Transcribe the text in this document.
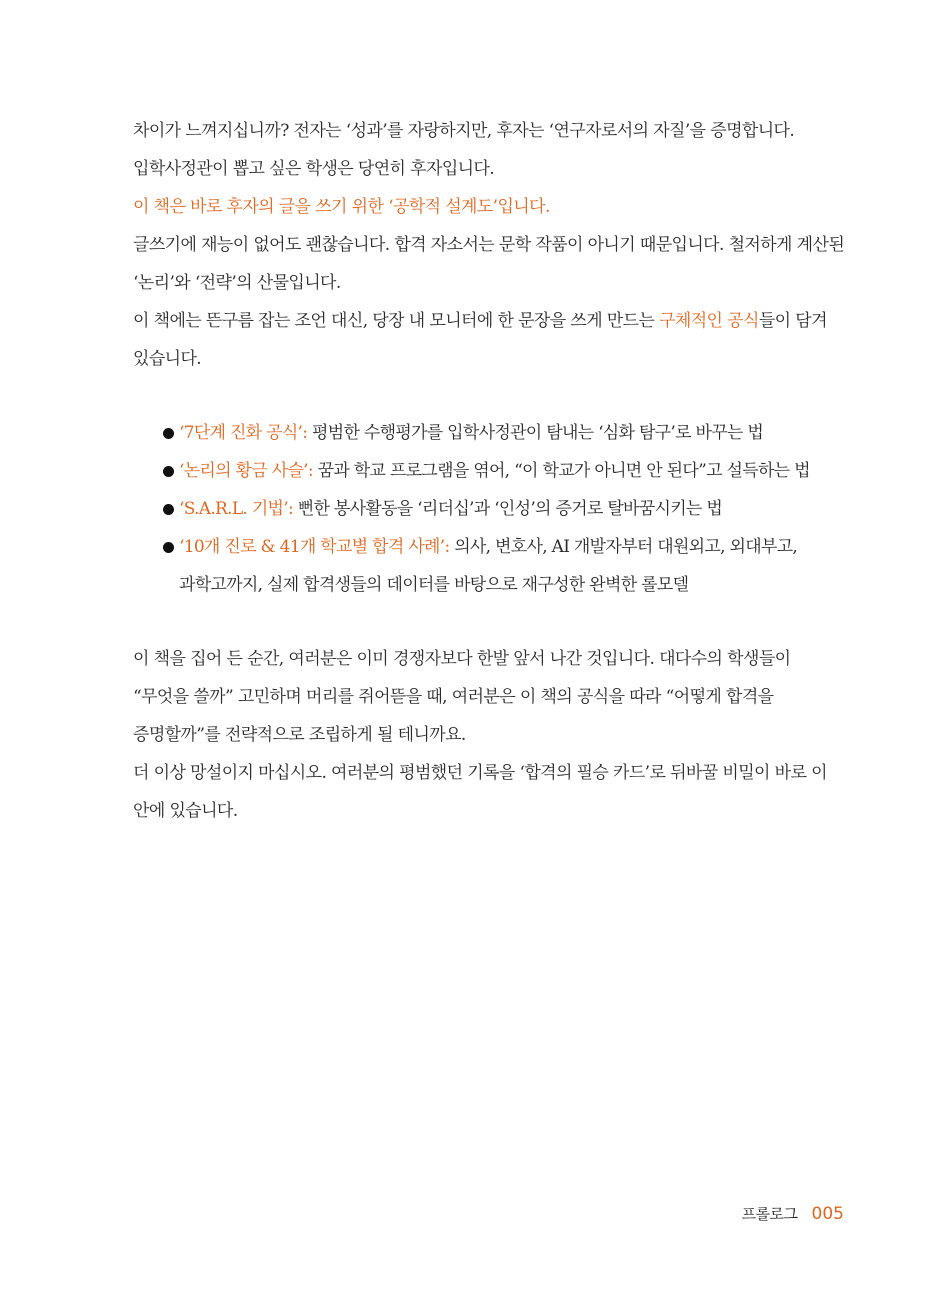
차이가 느껴지십니까? 전자는 ‘성과’를 자랑하지만, 후자는 ‘연구자로서의 자질’을 증명합니다. 입학사정관이 뽑고 싶은 학생은 당연히 후자입니다.

이 책은 바로 후자의 글을 쓰기 위한 ‘공학적 설계도’입니다.

글쓰기에 재능이 없어도 괜찮습니다. 합격 자소서는 문학 작품이 아니기 때문입니다. 철저하게 계산된 ‘논리’와 ‘전략’의 산물입니다.

이 책에는 뜬구름 잡는 조언 대신, 당장 내 모니터에 한 문장을 쓰게 만드는 구체적인 공식들이 담겨 있습니다.

‘7단계 진화 공식’: 평범한 수행평가를 입학사정관이 탐내는 ‘심화 탐구’로 바꾸는 법
‘논리의 황금 사슬’: 꿈과 학교 프로그램을 엮어, “이 학교가 아니면 안 된다”고 설득하는 법
‘S.A.R.L. 기법’: 뻔한 봉사활동을 ‘리더십’과 ‘인성’의 증거로 탈바꿈시키는 법
‘10개 진로 & 41개 학교별 합격 사례’: 의사, 변호사, AI 개발자부터 대원외고, 외대부고, 과학고까지, 실제 합격생들의 데이터를 바탕으로 재구성한 완벽한 롤모델

이 책을 집어 든 순간, 여러분은 이미 경쟁자보다 한발 앞서 나간 것입니다. 대다수의 학생들이 “무엇을 쓸까” 고민하며 머리를 쥐어뜯을 때, 여러분은 이 책의 공식을 따라 “어떻게 합격을 증명할까”를 전략적으로 조립하게 될 테니까요.

더 이상 망설이지 마십시오. 여러분의 평범했던 기록을 ‘합격의 필승 카드’로 뒤바꿀 비밀이 바로 이 안에 있습니다.

프롤로그 005
